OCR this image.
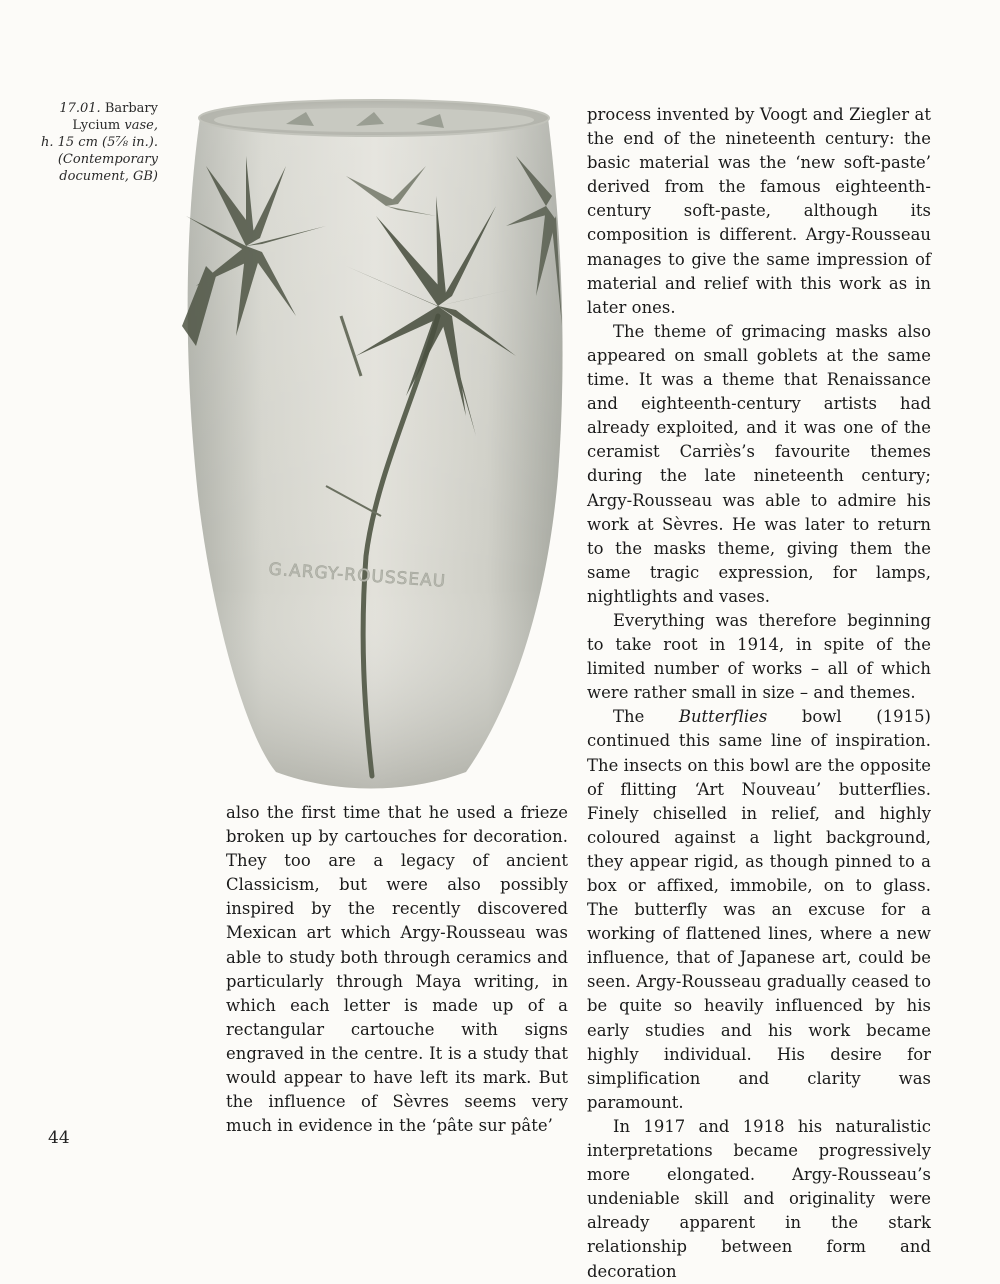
17.01. Barbary
Lycium vase,
h. 15 cm (5⅞ in.).
(Contemporary
document, GB)
G.ARGY-ROUSSEAU

also the first time that he used a frieze broken up by cartouches for decoration. They too are a legacy of ancient Classicism, but were also possibly inspired by the recently discovered Mexican art which Argy-Rousseau was able to study both through ceramics and particularly through Maya writing, in which each letter is made up of a rectangular cartouche with signs engraved in the centre. It is a study that would appear to have left its mark. But the influence of Sèvres seems very much in evidence in the ‘pâte sur pâte’

process invented by Voogt and Ziegler at the end of the nineteenth century: the basic material was the ‘new soft-paste’ derived from the famous eighteenth-century soft-paste, although its composition is different. Argy-Rousseau manages to give the same impression of material and relief with this work as in later ones.

The theme of grimacing masks also appeared on small goblets at the same time. It was a theme that Renaissance and eighteenth-century artists had already exploited, and it was one of the ceramist Carriès’s favourite themes during the late nineteenth century; Argy-Rousseau was able to admire his work at Sèvres. He was later to return to the masks theme, giving them the same tragic expression, for lamps, nightlights and vases.

Everything was therefore beginning to take root in 1914, in spite of the limited number of works – all of which were rather small in size – and themes.

The Butterflies bowl (1915) continued this same line of inspiration. The insects on this bowl are the opposite of flitting ‘Art Nouveau’ butterflies. Finely chiselled in relief, and highly coloured against a light background, they appear rigid, as though pinned to a box or affixed, immobile, on to glass. The butterfly was an excuse for a working of flattened lines, where a new influence, that of Japanese art, could be seen. Argy-Rousseau gradually ceased to be quite so heavily influenced by his early studies and his work became highly individual. His desire for simplification and clarity was paramount.

In 1917 and 1918 his naturalistic interpretations became progressively more elongated. Argy-Rousseau’s undeniable skill and originality were already apparent in the stark relationship between form and decoration

44
